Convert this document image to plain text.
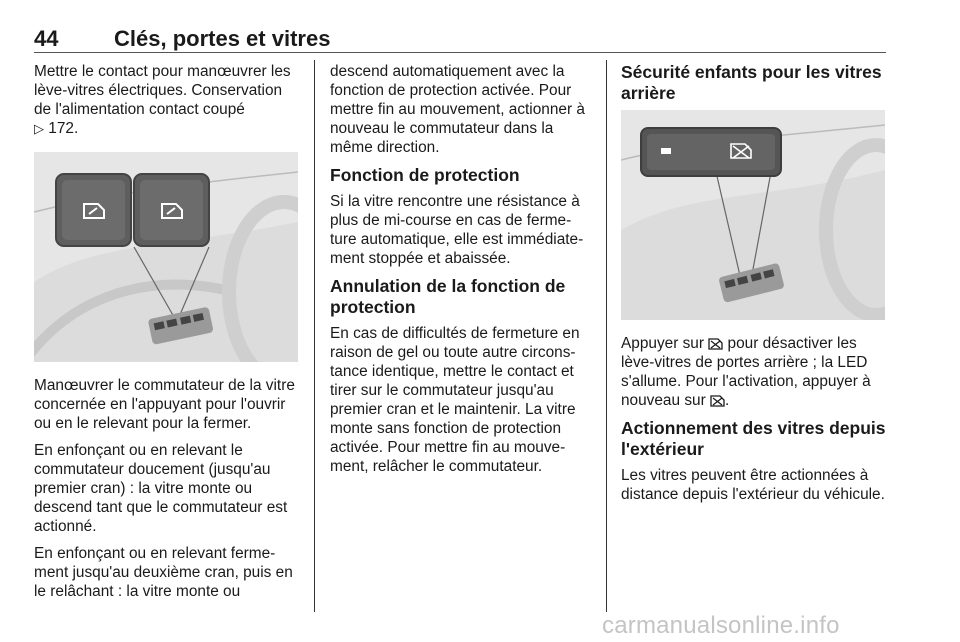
44	Clés, portes et vitres

Mettre le contact pour manœuvrer les lève-vitres électriques. Conservation de l'alimentation contact coupé
▷ 172.

Manœuvrer le commutateur de la vitre concernée en l'appuyant pour l'ouvrir ou en le relevant pour la fermer.

En enfonçant ou en relevant le commutateur doucement (jusqu'au premier cran) : la vitre monte ou descend tant que le commutateur est actionné.

En enfonçant ou en relevant ferme-ment jusqu'au deuxième cran, puis en le relâchant : la vitre monte ou

descend automatiquement avec la fonction de protection activée. Pour mettre fin au mouvement, actionner à nouveau le commutateur dans la même direction.

Fonction de protection

Si la vitre rencontre une résistance à plus de mi-course en cas de ferme-ture automatique, elle est immédiate-ment stoppée et abaissée.

Annulation de la fonction de protection

En cas de difficultés de fermeture en raison de gel ou toute autre circons-tance identique, mettre le contact et tirer sur le commutateur jusqu'au premier cran et le maintenir. La vitre monte sans fonction de protection activée. Pour mettre fin au mouve-ment, relâcher le commutateur.

Sécurité enfants pour les vitres arrière

Appuyer sur pour désactiver les lève-vitres de portes arrière ; la LED s'allume. Pour l'activation, appuyer à nouveau sur .

Actionnement des vitres depuis l'extérieur

Les vitres peuvent être actionnées à distance depuis l'extérieur du véhicule.

carmanualsonline.info
